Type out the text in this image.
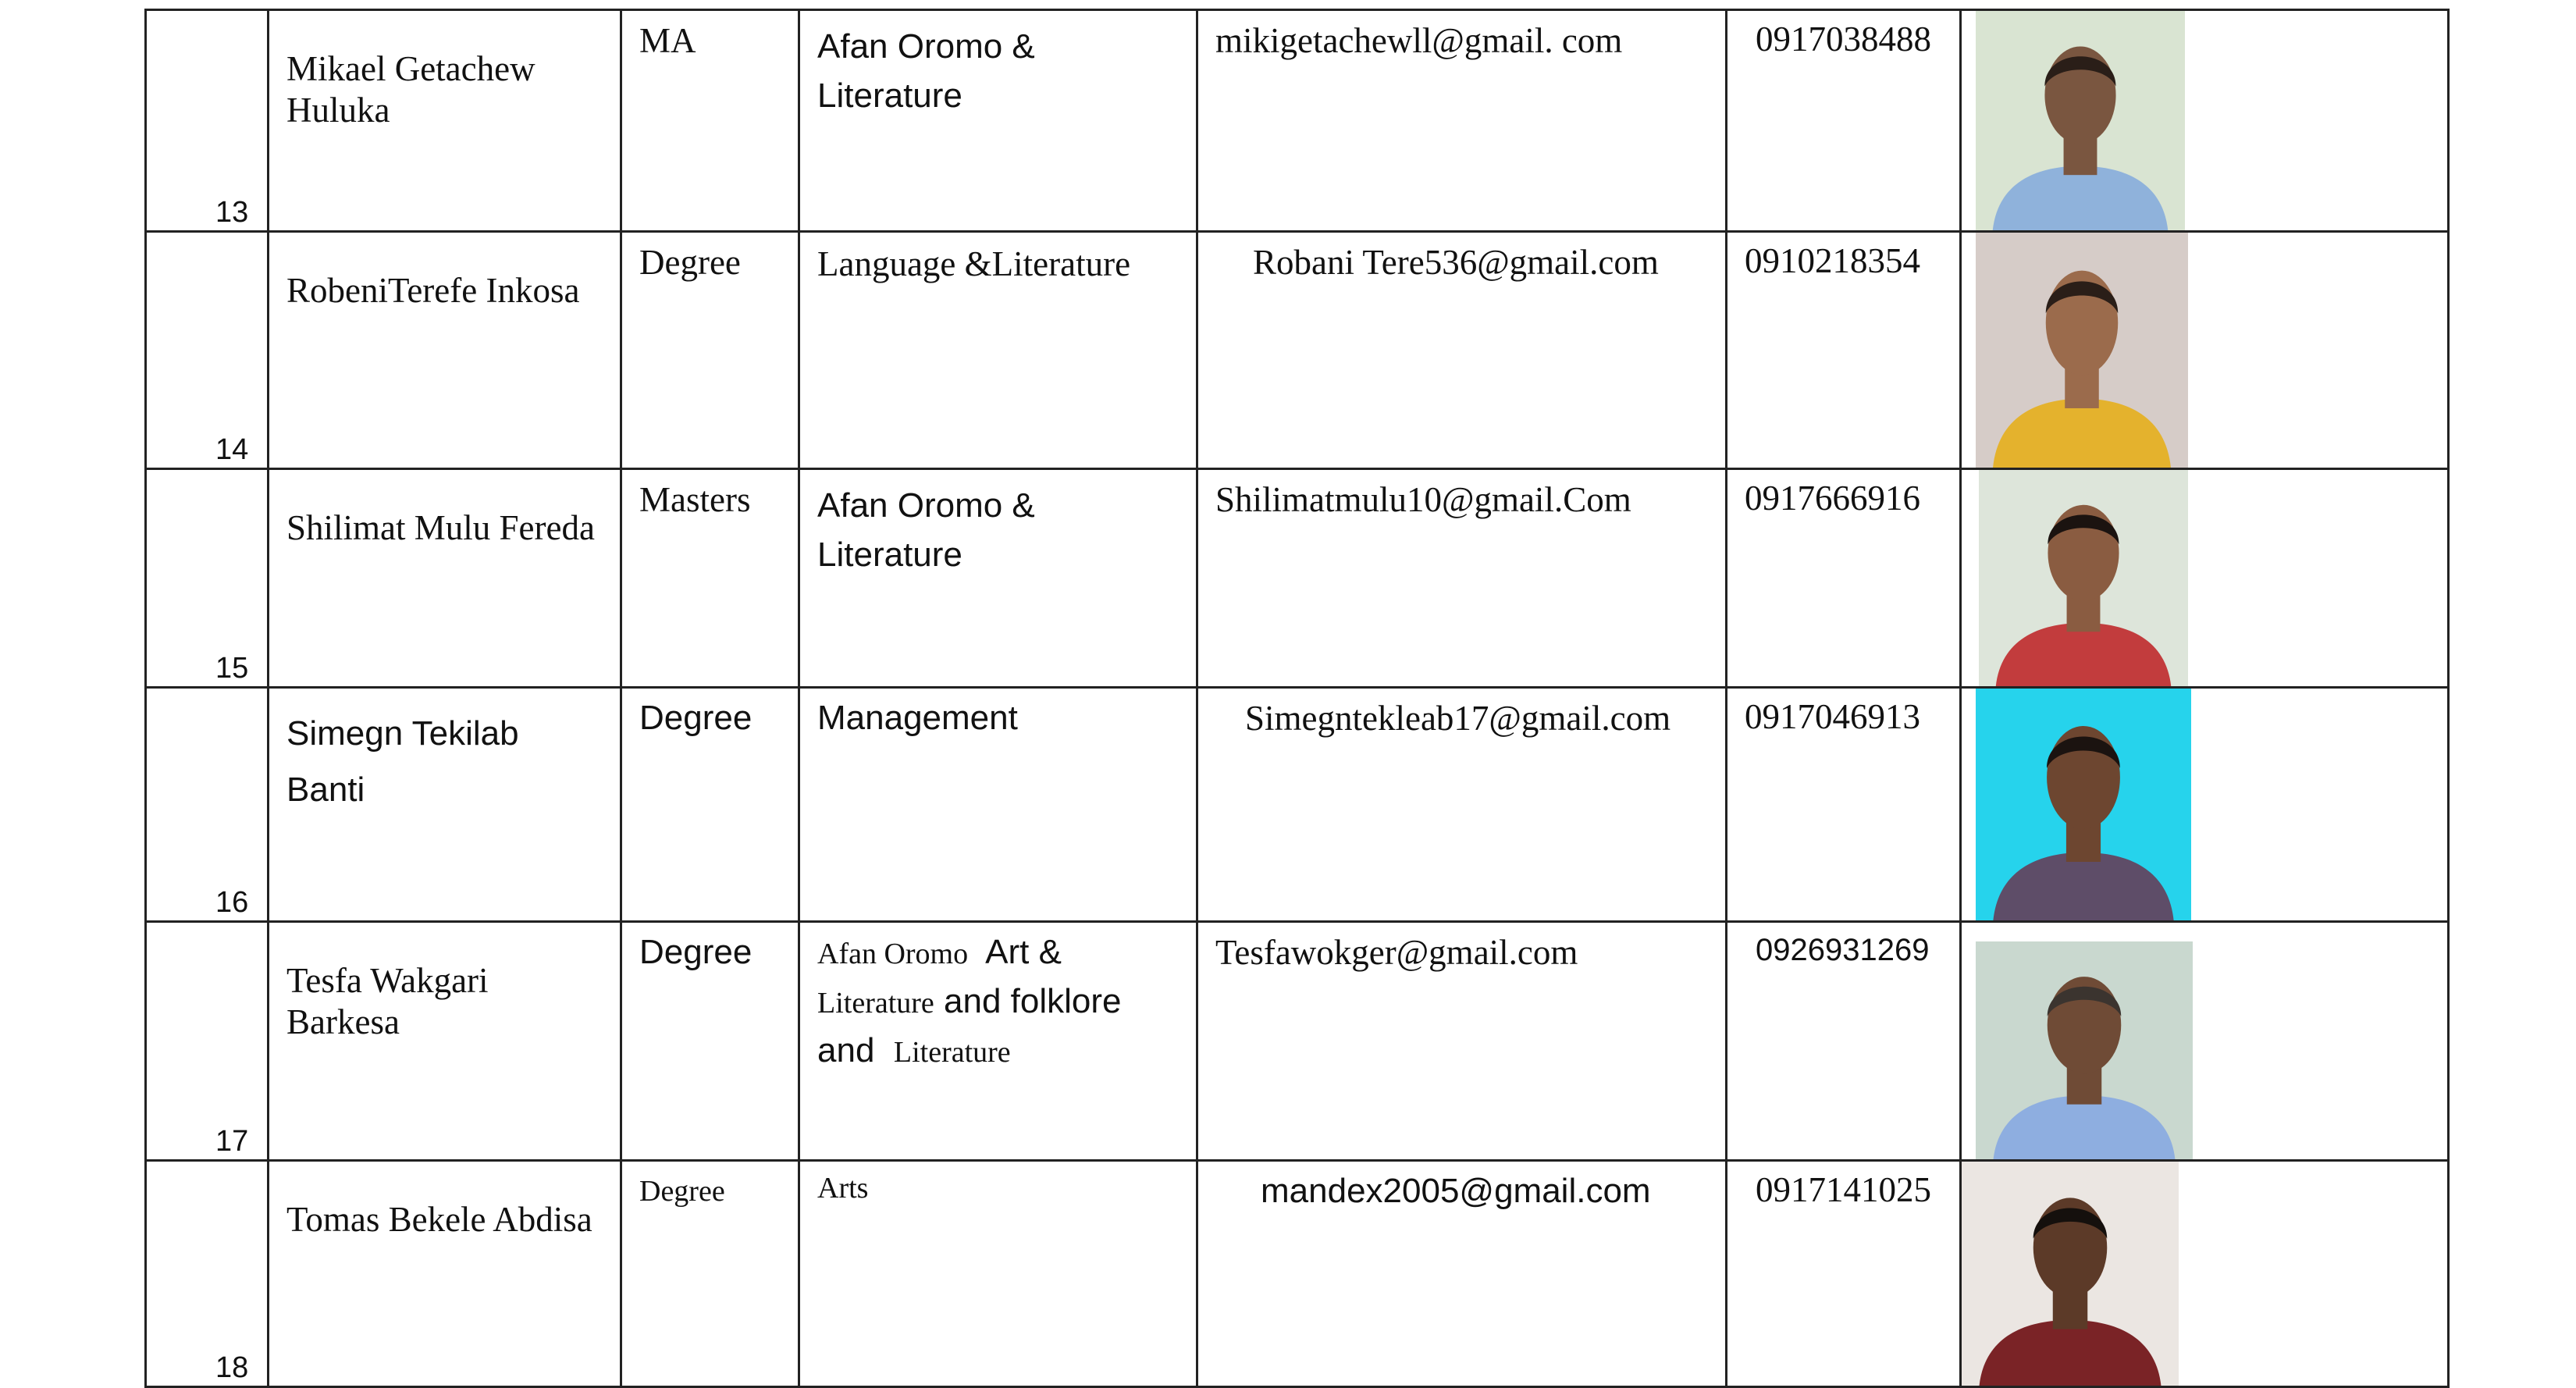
13	Mikael Getachew Huluka	MA	Afan Oromo & Literature	mikigetachewll@gmail. com	0917038488

14	RobeniTerefe Inkosa	Degree	Language &Literature	Robani Tere536@gmail.com	0910218354

15	Shilimat Mulu Fereda	Masters	Afan Oromo & Literature	Shilimatmulu10@gmail.Com	0917666916

16	Simegn Tekilab Banti	Degree	Management	Simegntekleab17@gmail.com	0917046913

17	Tesfa Wakgari Barkesa	Degree	Afan Oromo Art &
Literature and folklore
and Literature	Tesfawokger@gmail.com	0926931269

18	Tomas Bekele Abdisa	Degree	Arts	mandex2005@gmail.com	0917141025
